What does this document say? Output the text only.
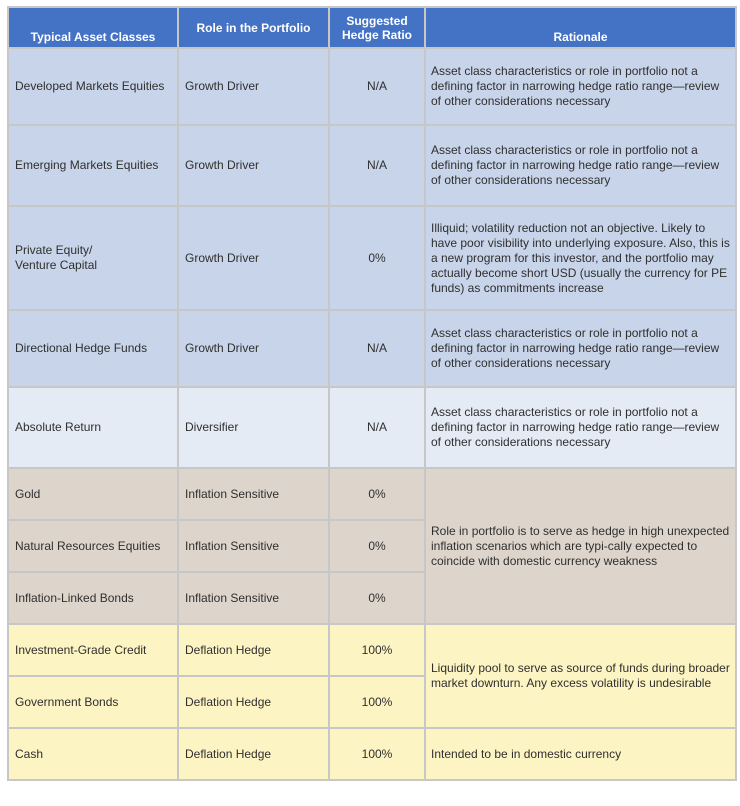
Typical Asset Classes	Role in the Portfolio	Suggested Hedge Ratio	Rationale
Developed Markets Equities	Growth Driver	N/A	Asset class characteristics or role in portfolio not a defining factor in narrowing hedge ratio range—review of other considerations necessary
Emerging Markets Equities	Growth Driver	N/A	Asset class characteristics or role in portfolio not a defining factor in narrowing hedge ratio range—review of other considerations necessary
Private Equity/
Venture Capital	Growth Driver	0%	Illiquid; volatility reduction not an objective. Likely to have poor visibility into underlying exposure. Also, this is a new program for this investor, and the portfolio may actually become short USD (usually the currency for PE funds) as commitments increase
Directional Hedge Funds	Growth Driver	N/A	Asset class characteristics or role in portfolio not a defining factor in narrowing hedge ratio range—review of other considerations necessary
Absolute Return	Diversifier	N/A	Asset class characteristics or role in portfolio not a defining factor in narrowing hedge ratio range—review of other considerations necessary
Gold	Inflation Sensitive	0%	Role in portfolio is to serve as hedge in high unexpected inflation scenarios which are typi-cally expected to coincide with domestic currency weakness
Natural Resources Equities	Inflation Sensitive	0%	
Inflation-Linked Bonds	Inflation Sensitive	0%	
Investment-Grade Credit	Deflation Hedge	100%	Liquidity pool to serve as source of funds during broader market downturn. Any excess volatility is undesirable
Government Bonds	Deflation Hedge	100%	
Cash	Deflation Hedge	100%	Intended to be in domestic currency
